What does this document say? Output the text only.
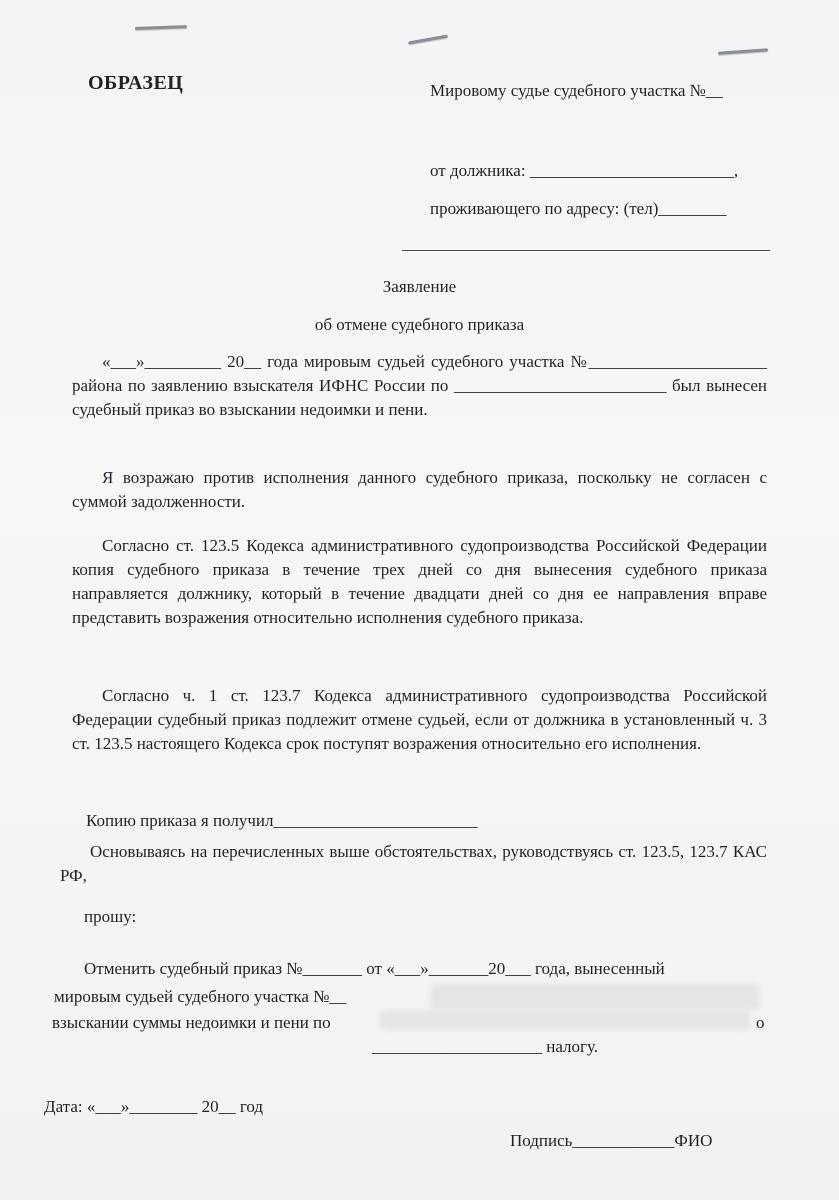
ОБРАЗЕЦ	Мировому судье судебного участка №__
от должника: ________________________,
проживающего по адресу: (тел)________
______________________________________________
Заявление
об отмене судебного приказа
«___»_________ 20__ года мировым судьей судебного участка №_____________________ района по заявлению взыскателя ИФНС России по _________________________ был вынесен судебный приказ во взыскании недоимки и пени.
Я возражаю против исполнения данного судебного приказа, поскольку не согласен с суммой задолженности.
Согласно ст. 123.5 Кодекса административного судопроизводства Российской Федерации копия судебного приказа в течение трех дней со дня вынесения судебного приказа направляется должнику, который в течение двадцати дней со дня ее направления вправе представить возражения относительно исполнения судебного приказа.
Согласно ч. 1 ст. 123.7 Кодекса административного судопроизводства Российской Федерации судебный приказ подлежит отмене судьей, если от должника в установленный ч. 3 ст. 123.5 настоящего Кодекса срок поступят возражения относительно его исполнения.
Копию приказа я получил________________________
Основываясь на перечисленных выше обстоятельствах, руководствуясь ст. 123.5, 123.7 КАС РФ,
прошу:
Отменить судебный приказ №_______ от «___»_______20___ года, вынесенный
мировым судьей судебного участка №__
взыскании суммы недоимки и пени по	о
____________________ налогу.
Дата: «___»________ 20__ год
Подпись____________ФИО
